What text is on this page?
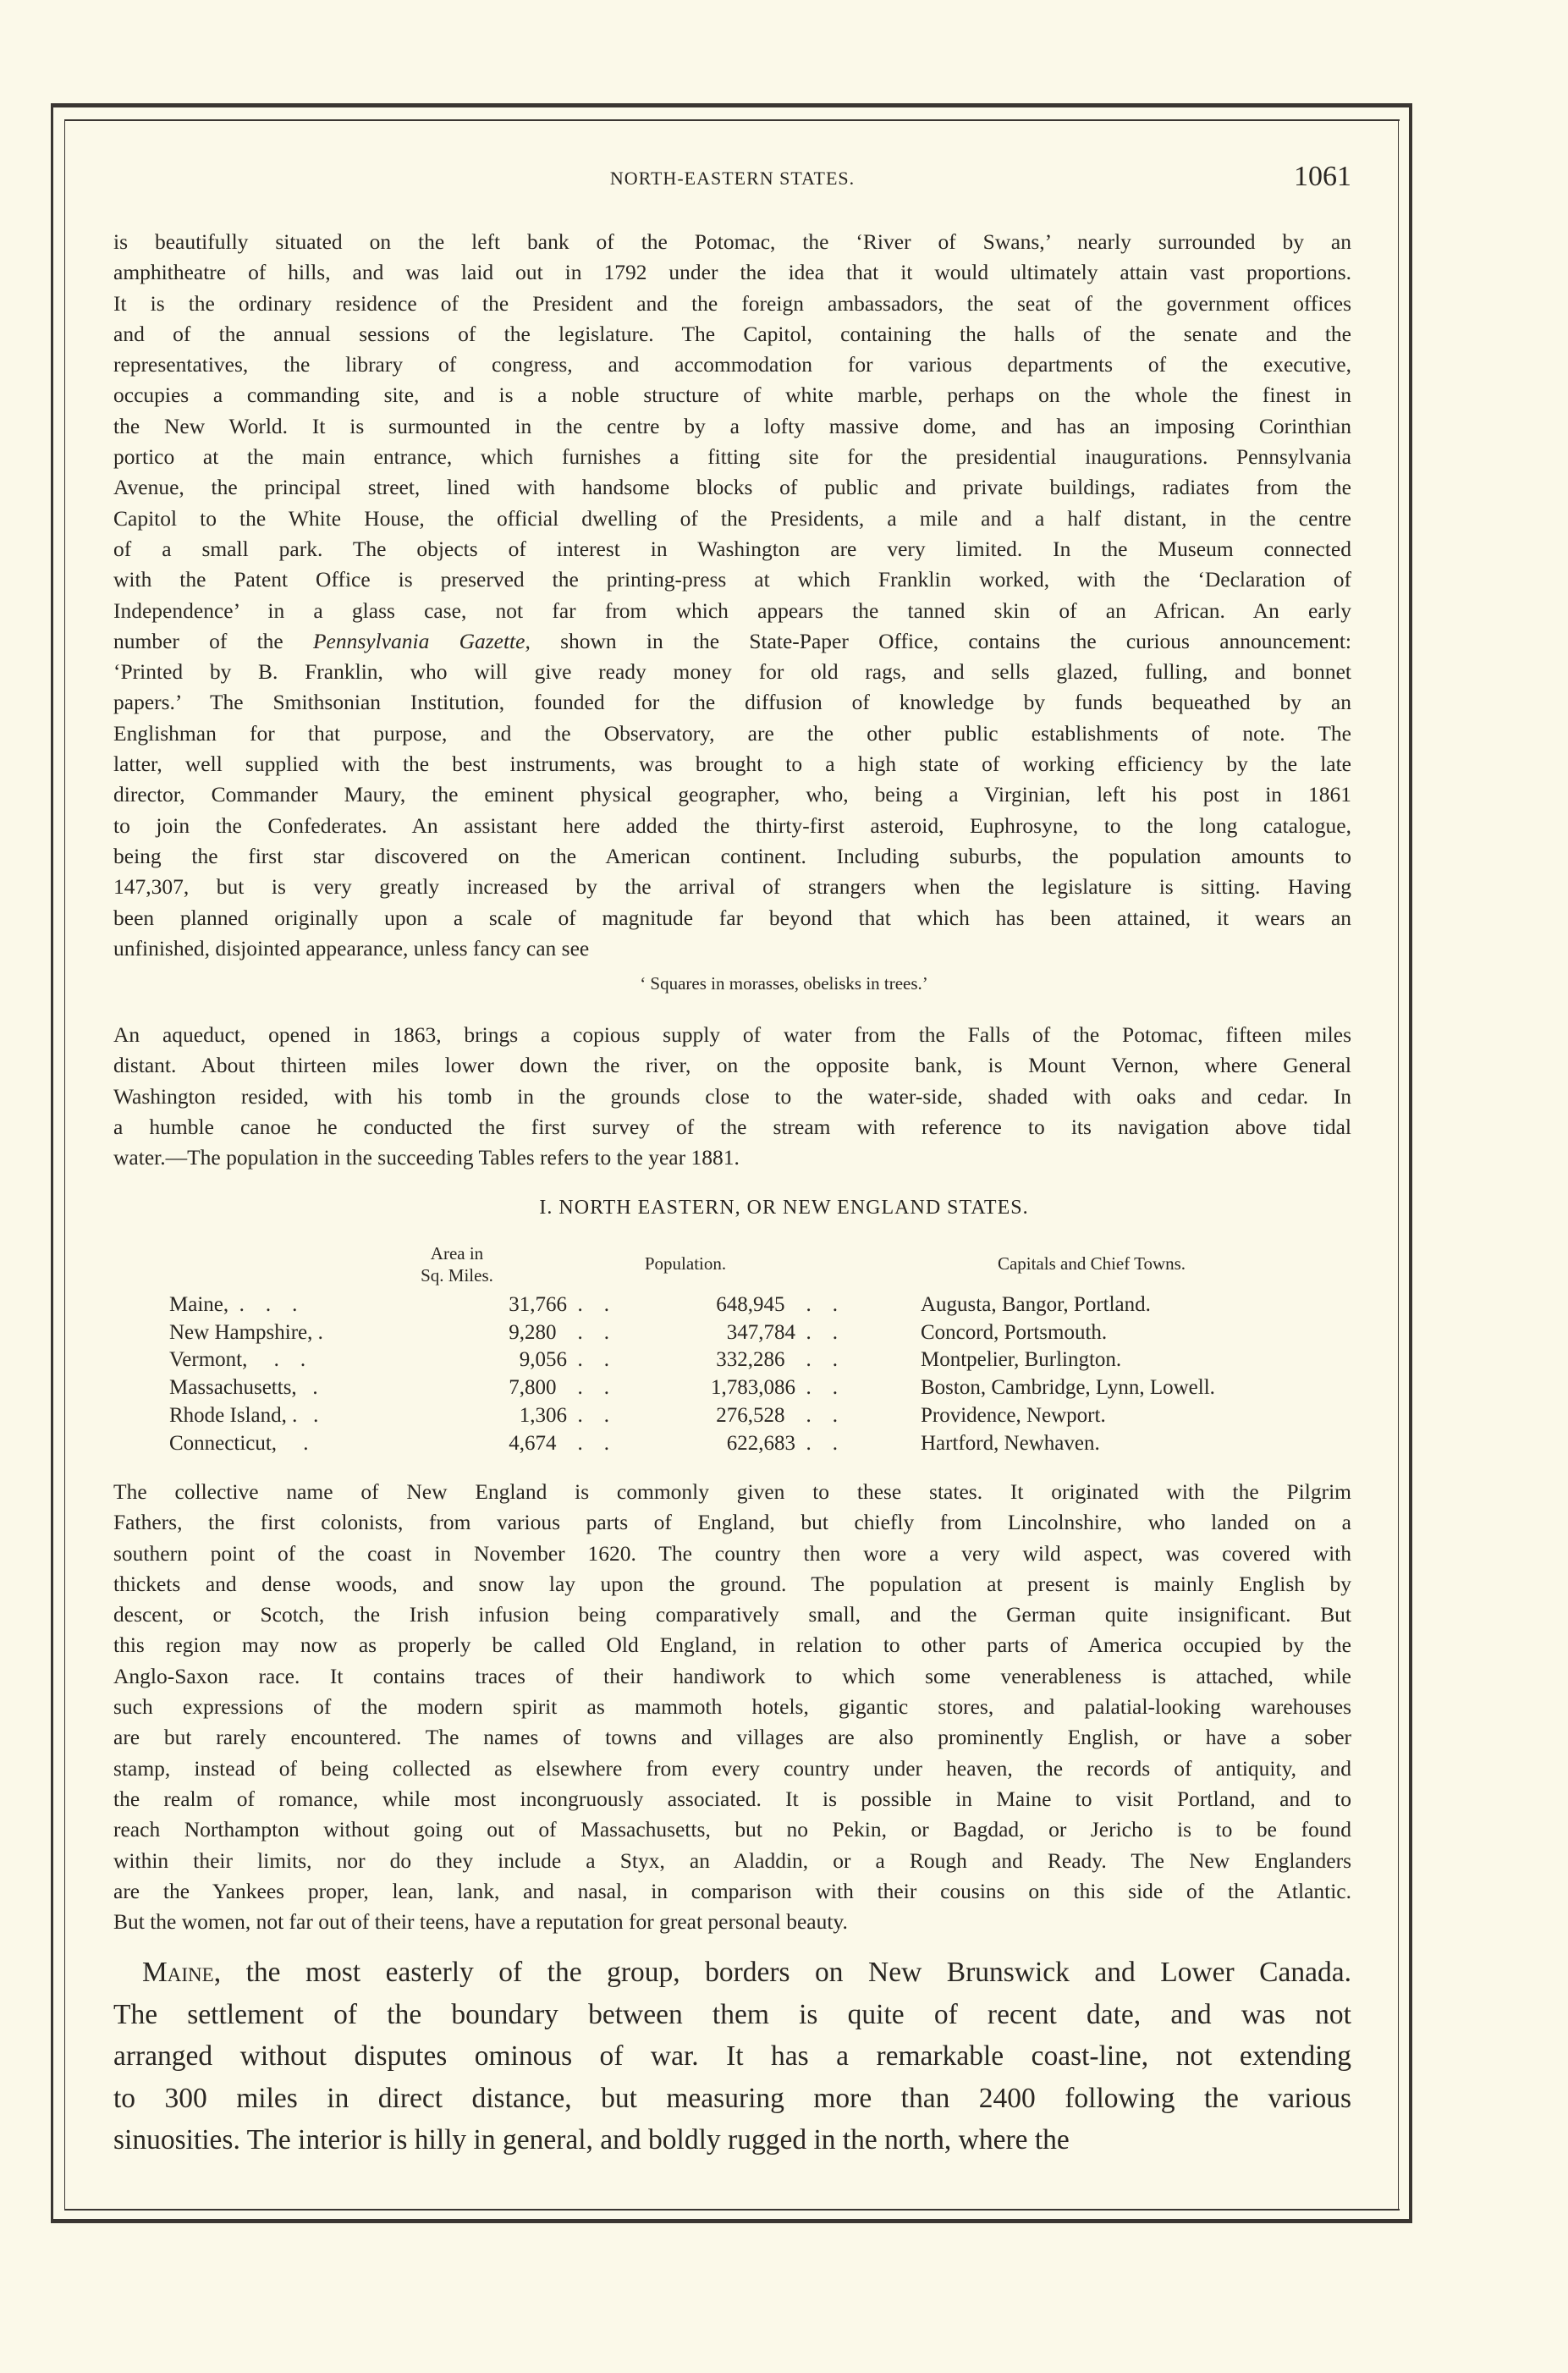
NORTH-EASTERN STATES.	1061
is beautifully situated on the left bank of the Potomac, the ‘River of Swans,’ nearly surrounded by an
amphitheatre of hills, and was laid out in 1792 under the idea that it would ultimately attain vast proportions.
It is the ordinary residence of the President and the foreign ambassadors, the seat of the government offices
and of the annual sessions of the legislature. The Capitol, containing the halls of the senate and the
representatives, the library of congress, and accommodation for various departments of the executive,
occupies a commanding site, and is a noble structure of white marble, perhaps on the whole the finest in
the New World. It is surmounted in the centre by a lofty massive dome, and has an imposing Corinthian
portico at the main entrance, which furnishes a fitting site for the presidential inaugurations. Pennsylvania
Avenue, the principal street, lined with handsome blocks of public and private buildings, radiates from the
Capitol to the White House, the official dwelling of the Presidents, a mile and a half distant, in the centre
of a small park. The objects of interest in Washington are very limited. In the Museum connected
with the Patent Office is preserved the printing-press at which Franklin worked, with the ‘Declaration of
Independence’ in a glass case, not far from which appears the tanned skin of an African. An early
number of the Pennsylvania Gazette, shown in the State-Paper Office, contains the curious announcement:
‘Printed by B. Franklin, who will give ready money for old rags, and sells glazed, fulling, and bonnet
papers.’ The Smithsonian Institution, founded for the diffusion of knowledge by funds bequeathed by an
Englishman for that purpose, and the Observatory, are the other public establishments of note. The
latter, well supplied with the best instruments, was brought to a high state of working efficiency by the late
director, Commander Maury, the eminent physical geographer, who, being a Virginian, left his post in 1861
to join the Confederates. An assistant here added the thirty-first asteroid, Euphrosyne, to the long catalogue,
being the first star discovered on the American continent. Including suburbs, the population amounts to
147,307, but is very greatly increased by the arrival of strangers when the legislature is sitting. Having
been planned originally upon a scale of magnitude far beyond that which has been attained, it wears an
unfinished, disjointed appearance, unless fancy can see
‘ Squares in morasses, obelisks in trees.’
An aqueduct, opened in 1863, brings a copious supply of water from the Falls of the Potomac, fifteen miles
distant. About thirteen miles lower down the river, on the opposite bank, is Mount Vernon, where General
Washington resided, with his tomb in the grounds close to the water-side, shaded with oaks and cedar. In
a humble canoe he conducted the first survey of the stream with reference to its navigation above tidal
water.—The population in the succeeding Tables refers to the year 1881.
I. NORTH EASTERN, OR NEW ENGLAND STATES.
Area in
Sq. Miles.
Population.	Capitals and Chief Towns.
Maine,  .    .    .	31,766  .    .	648,945    .    .	Augusta, Bangor, Portland.
New Hampshire, .	9,280    .    .	347,784  .    .	Concord, Portsmouth.
Vermont,     .    .	9,056  .    .	332,286    .    .	Montpelier, Burlington.
Massachusetts,   .	7,800    .    .	1,783,086  .    .	Boston, Cambridge, Lynn, Lowell.
Rhode Island, .   .	1,306  .    .	276,528    .    .	Providence, Newport.
Connecticut,     .	4,674    .    .	622,683  .    .	Hartford, Newhaven.
The collective name of New England is commonly given to these states. It originated with the Pilgrim
Fathers, the first colonists, from various parts of England, but chiefly from Lincolnshire, who landed on a
southern point of the coast in November 1620. The country then wore a very wild aspect, was covered with
thickets and dense woods, and snow lay upon the ground. The population at present is mainly English by
descent, or Scotch, the Irish infusion being comparatively small, and the German quite insignificant. But
this region may now as properly be called Old England, in relation to other parts of America occupied by the
Anglo-Saxon race. It contains traces of their handiwork to which some venerableness is attached, while
such expressions of the modern spirit as mammoth hotels, gigantic stores, and palatial-looking warehouses
are but rarely encountered. The names of towns and villages are also prominently English, or have a sober
stamp, instead of being collected as elsewhere from every country under heaven, the records of antiquity, and
the realm of romance, while most incongruously associated. It is possible in Maine to visit Portland, and to
reach Northampton without going out of Massachusetts, but no Pekin, or Bagdad, or Jericho is to be found
within their limits, nor do they include a Styx, an Aladdin, or a Rough and Ready. The New Englanders
are the Yankees proper, lean, lank, and nasal, in comparison with their cousins on this side of the Atlantic.
But the women, not far out of their teens, have a reputation for great personal beauty.
Maine, the most easterly of the group, borders on New Brunswick and Lower Canada.
The settlement of the boundary between them is quite of recent date, and was not
arranged without disputes ominous of war. It has a remarkable coast-line, not extending
to 300 miles in direct distance, but measuring more than 2400 following the various
sinuosities. The interior is hilly in general, and boldly rugged in the north, where the
